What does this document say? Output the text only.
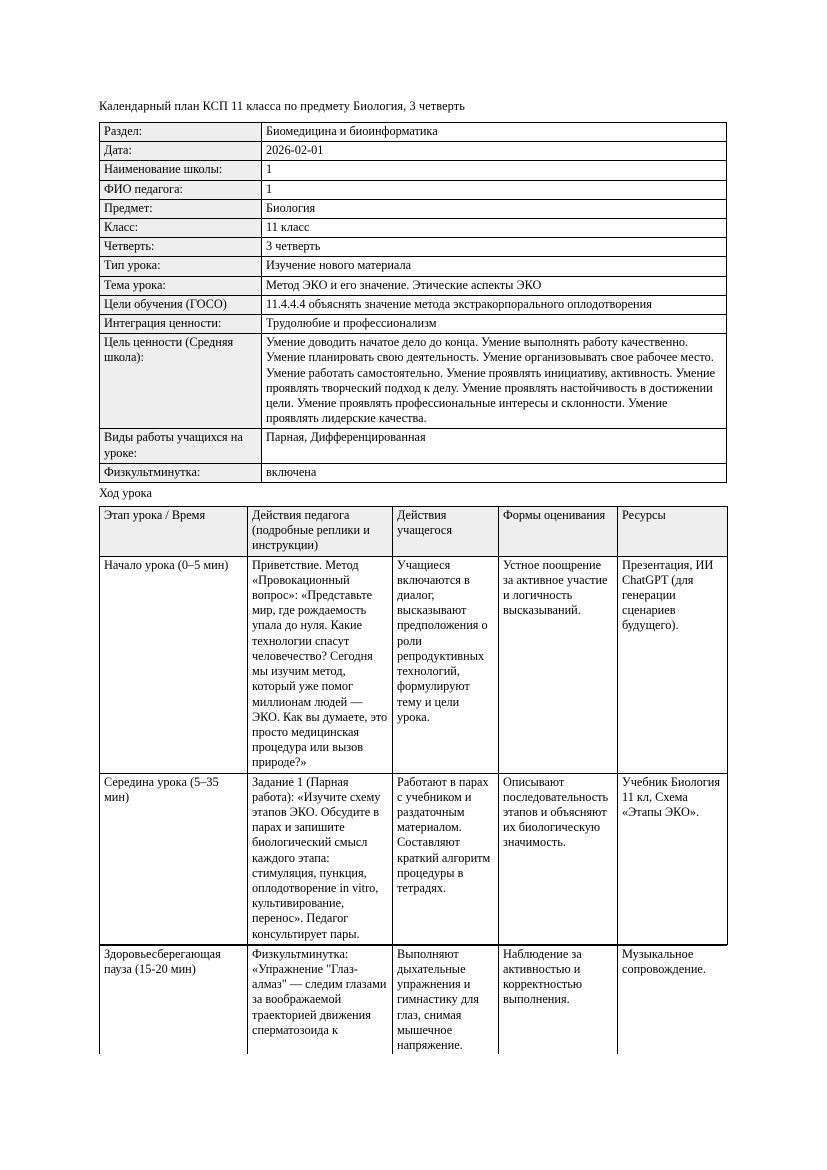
Календарный план КСП 11 класса по предмету Биология, 3 четверть

Раздел:	Биомедицина и биоинформатика
Дата:	2026-02-01
Наименование школы:	1
ФИО педагога:	1
Предмет:	Биология
Класс:	11 класс
Четверть:	3 четверть
Тип урока:	Изучение нового материала
Тема урока:	Метод ЭКО и его значение. Этические аспекты ЭКО
Цели обучения (ГОСО)	11.4.4.4 объяснять значение метода экстракорпорального оплодотворения
Интеграция ценности:	Трудолюбие и профессионализм
Цель ценности (Средняя школа):	Умение доводить начатое дело до конца. Умение выполнять работу качественно. Умение планировать свою деятельность. Умение организовывать свое рабочее место. Умение работать самостоятельно. Умение проявлять инициативу, активность. Умение проявлять творческий подход к делу. Умение проявлять настойчивость в достижении цели. Умение проявлять профессиональные интересы и склонности. Умение проявлять лидерские качества.
Виды работы учащихся на уроке:	Парная, Дифференцированная
Физкультминутка:	включена

Ход урока

Этап урока / Время	Действия педагога (подробные реплики и инструкции)	Действия учащегося	Формы оценивания	Ресурсы
Начало урока (0–5 мин)	Приветствие. Метод «Провокационный вопрос»: «Представьте мир, где рождаемость упала до нуля. Какие технологии спасут человечество? Сегодня мы изучим метод, который уже помог миллионам людей — ЭКО. Как вы думаете, это просто медицинская процедура или вызов природе?»	Учащиеся включаются в диалог, высказывают предположения о роли репродуктивных технологий, формулируют тему и цели урока.	Устное поощрение за активное участие и логичность высказываний.	Презентация, ИИ ChatGPT (для генерации сценариев будущего).
Середина урока (5–35 мин)	Задание 1 (Парная работа): «Изучите схему этапов ЭКО. Обсудите в парах и запишите биологический смысл каждого этапа: стимуляция, пункция, оплодотворение in vitro, культивирование, перенос». Педагог консультирует пары.	Работают в парах с учебником и раздаточным материалом. Составляют краткий алгоритм процедуры в тетрадях.	Описывают последовательность этапов и объясняют их биологическую значимость.	Учебник Биология 11 кл, Схема «Этапы ЭКО».
Здоровьесберегающая пауза (15-20 мин)	Физкультминутка: «Упражнение "Глаз-алмаз" — следим глазами за воображаемой траекторией движения сперматозоида к	Выполняют дыхательные упражнения и гимнастику для глаз, снимая мышечное напряжение.	Наблюдение за активностью и корректностью выполнения.	Музыкальное сопровождение.
